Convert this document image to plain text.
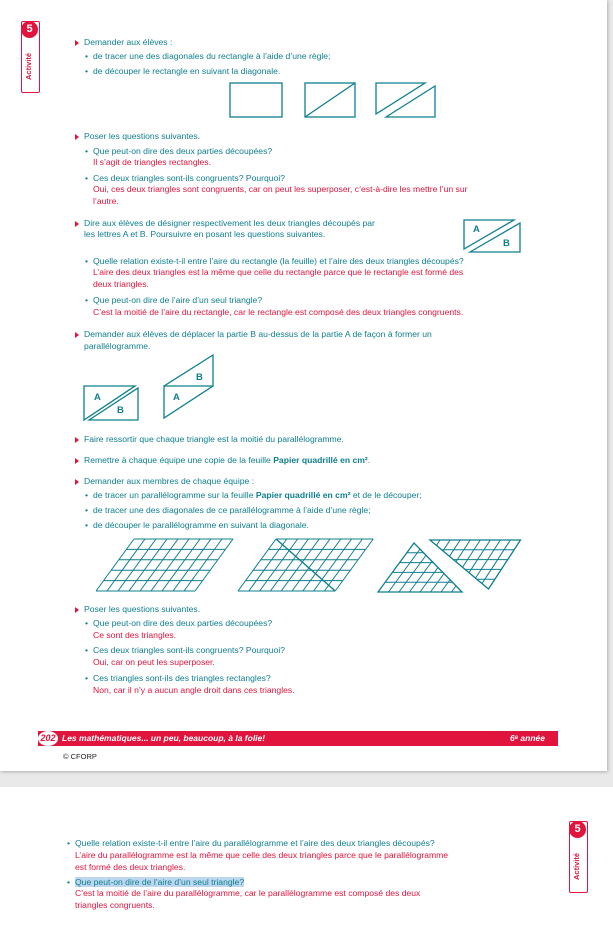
5
Activité

Demander aux élèves :

• de tracer une des diagonales du rectangle à l’aide d’une règle;

• de découper le rectangle en suivant la diagonale.

Poser les questions suivantes.

• Que peut-on dire des deux parties découpées?

Il s’agit de triangles rectangles.

• Ces deux triangles sont-ils congruents? Pourquoi?

Oui, ces deux triangles sont congruents, car on peut les superposer, c’est-à-dire les mettre l’un sur

l’autre.

Dire aux élèves de désigner respectivement les deux triangles découpés par

les lettres A et B. Poursuivre en posant les questions suivantes.	A
B

• Quelle relation existe-t-il entre l’aire du rectangle (la feuille) et l’aire des deux triangles découpés?

L’aire des deux triangles est la même que celle du rectangle parce que le rectangle est formé des

deux triangles.

• Que peut-on dire de l’aire d’un seul triangle?

C’est la moitié de l’aire du rectangle, car le rectangle est composé des deux triangles congruents.

Demander aux élèves de déplacer la partie B au-dessus de la partie A de façon à former un

parallélogramme.

A
B
A
B

Faire ressortir que chaque triangle est la moitié du parallélogramme.

Remettre à chaque équipe une copie de la feuille Papier quadrillé en cm².

Demander aux membres de chaque équipe :

• de tracer un parallélogramme sur la feuille Papier quadrillé en cm² et de le découper;

• de tracer une des diagonales de ce parallélogramme à l’aide d’une règle;

• de découper le parallélogramme en suivant la diagonale.

Poser les questions suivantes.

• Que peut-on dire des deux parties découpées?

Ce sont des triangles.

• Ces deux triangles sont-ils congruents? Pourquoi?

Oui, car on peut les superposer.

• Ces triangles sont-ils des triangles rectangles?

Non, car il n’y a aucun angle droit dans ces triangles.

202 Les mathématiques... un peu, beaucoup, à la folie!	6ᵉ année
© CFORP

• Quelle relation existe-t-il entre l’aire du parallélogramme et l’aire des deux triangles découpés?

L’aire du parallélogramme est la même que celle des deux triangles parce que le parallélogramme

est formé des deux triangles.

• Que peut-on dire de l’aire d’un seul triangle?

C’est la moitié de l’aire du parallélogramme, car le parallélogramme est composé des deux

triangles congruents.

5
Activité
